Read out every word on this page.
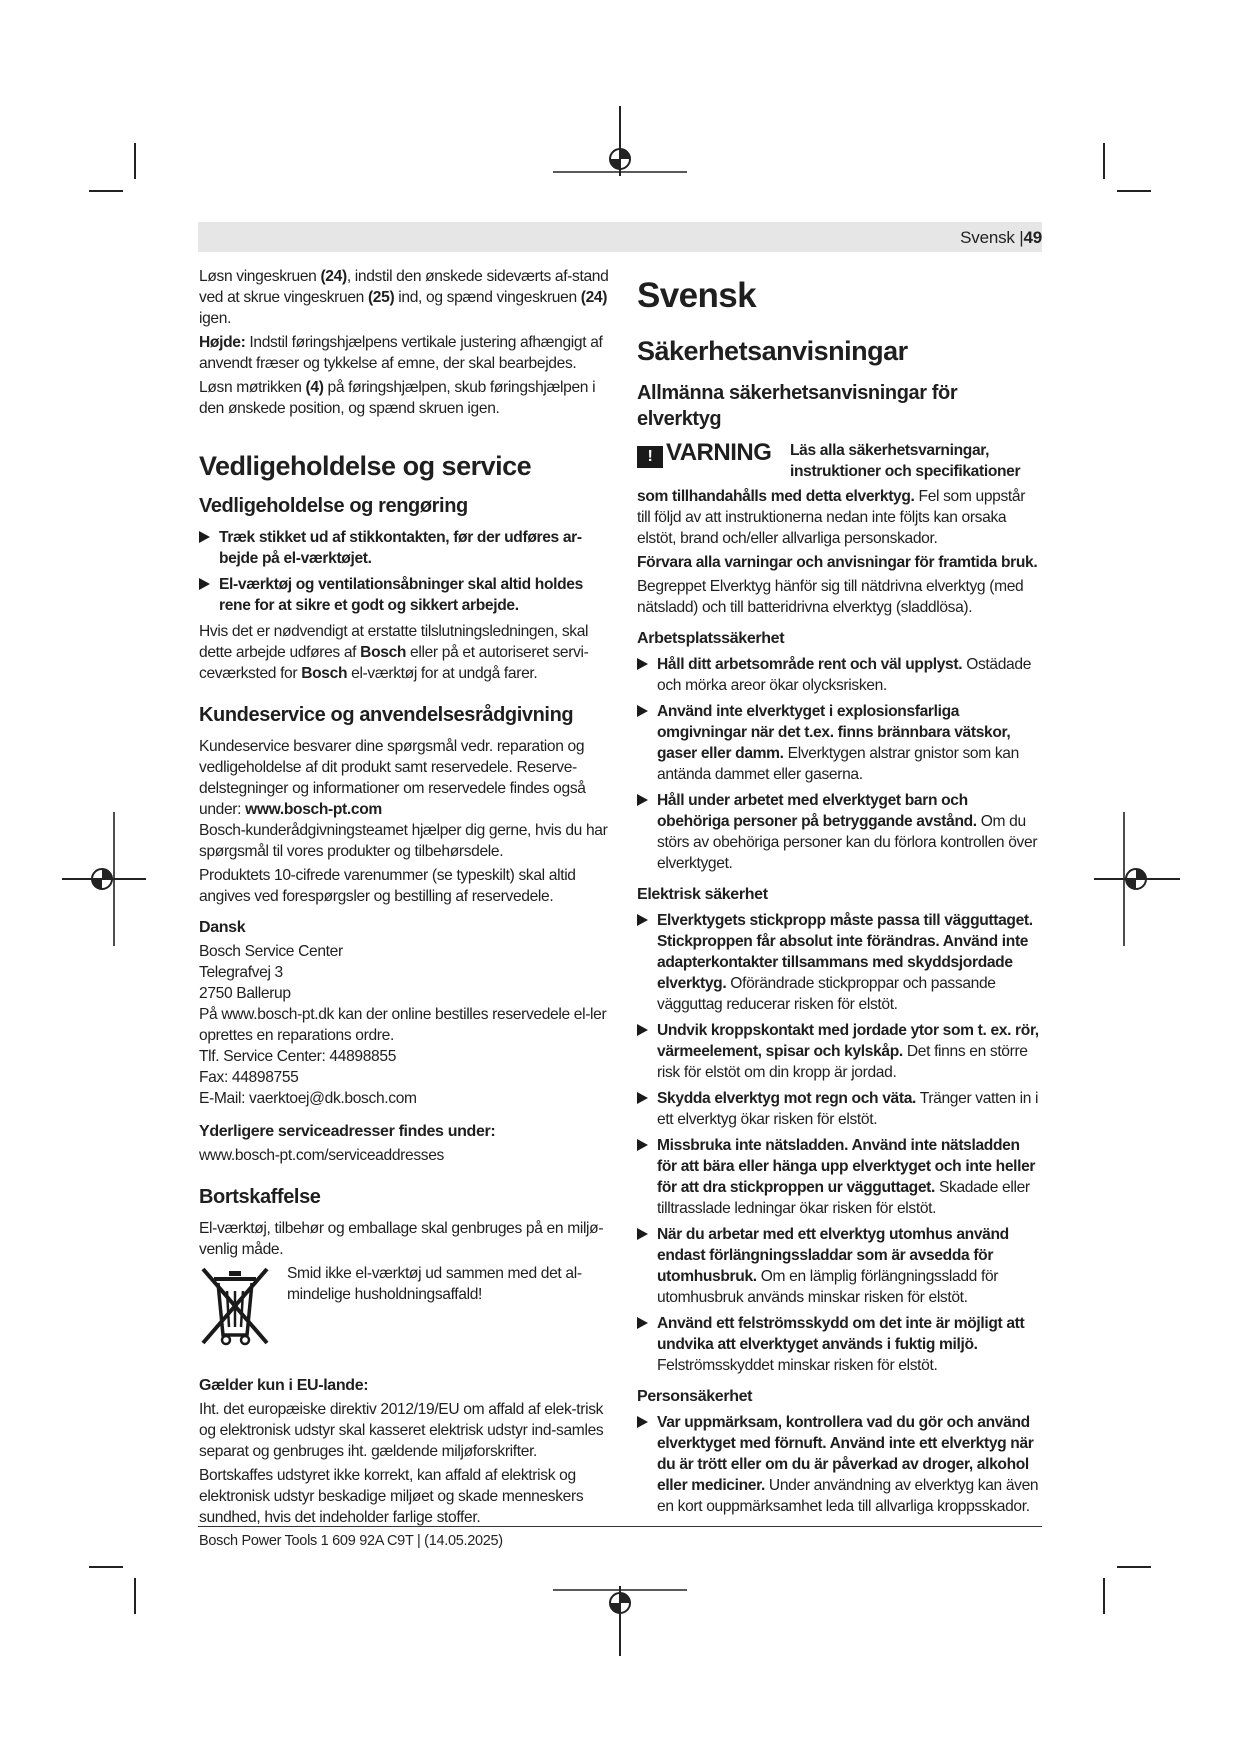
Svensk |49

Løsn vingeskruen (24), indstil den ønskede sideværts af-stand ved at skrue vingeskruen (25) ind, og spænd vingeskruen (24) igen.

Højde: Indstil føringshjælpens vertikale justering afhængigt af anvendt fræser og tykkelse af emne, der skal bearbejdes.

Løsn møtrikken (4) på føringshjælpen, skub føringshjælpen i den ønskede position, og spænd skruen igen.

Vedligeholdelse og service
Vedligeholdelse og rengøring
Træk stikket ud af stikkontakten, før der udføres ar-bejde på el-værktøjet.
El-værktøj og ventilationsåbninger skal altid holdes rene for at sikre et godt og sikkert arbejde.

Hvis det er nødvendigt at erstatte tilslutningsledningen, skal dette arbejde udføres af Bosch eller på et autoriseret servi-ceværksted for Bosch el-værktøj for at undgå farer.

Kundeservice og anvendelsesrådgivning

Kundeservice besvarer dine spørgsmål vedr. reparation og vedligeholdelse af dit produkt samt reservedele. Reserve-delstegninger og informationer om reservedele findes også under: www.bosch-pt.com

Bosch-kunderådgivningsteamet hjælper dig gerne, hvis du har spørgsmål til vores produkter og tilbehørsdele.

Produktets 10-cifrede varenummer (se typeskilt) skal altid angives ved forespørgsler og bestilling af reservedele.

Dansk
Bosch Service Center
Telegrafvej 3
2750 Ballerup
På www.bosch-pt.dk kan der online bestilles reservedele el-ler oprettes en reparations ordre.
Tlf. Service Center: 44898855
Fax: 44898755
E-Mail: vaerktoej@dk.bosch.com
Yderligere serviceadresser findes under:
www.bosch-pt.com/serviceaddresses
Bortskaffelse

El-værktøj, tilbehør og emballage skal genbruges på en miljø-venlig måde.

Smid ikke el-værktøj ud sammen med det al-mindelige husholdningsaffald!
Gælder kun i EU-lande:

Iht. det europæiske direktiv 2012/19/EU om affald af elek-trisk og elektronisk udstyr skal kasseret elektrisk udstyr ind-samles separat og genbruges iht. gældende miljøforskrifter.

Bortskaffes udstyret ikke korrekt, kan affald af elektrisk og elektronisk udstyr beskadige miljøet og skade menneskers sundhed, hvis det indeholder farlige stoffer.

Svensk
Säkerhetsanvisningar
Allmänna säkerhetsanvisningar för elverktyg
! VARNING Läs alla säkerhetsvarningar, instruktioner och specifikationer

som tillhandahålls med detta elverktyg. Fel som uppstår till följd av att instruktionerna nedan inte följts kan orsaka elstöt, brand och/eller allvarliga personskador.

Förvara alla varningar och anvisningar för framtida bruk.

Begreppet Elverktyg hänför sig till nätdrivna elverktyg (med nätsladd) och till batteridrivna elverktyg (sladdlösa).

Arbetsplatssäkerhet
Håll ditt arbetsområde rent och väl upplyst. Ostädade och mörka areor ökar olycksrisken.
Använd inte elverktyget i explosionsfarliga omgivningar när det t.ex. finns brännbara vätskor, gaser eller damm. Elverktygen alstrar gnistor som kan antända dammet eller gaserna.
Håll under arbetet med elverktyget barn och obehöriga personer på betryggande avstånd. Om du störs av obehöriga personer kan du förlora kontrollen över elverktyget.
Elektrisk säkerhet
Elverktygets stickpropp måste passa till vägguttaget. Stickproppen får absolut inte förändras. Använd inte adapterkontakter tillsammans med skyddsjordade elverktyg. Oförändrade stickproppar och passande vägguttag reducerar risken för elstöt.
Undvik kroppskontakt med jordade ytor som t. ex. rör, värmeelement, spisar och kylskåp. Det finns en större risk för elstöt om din kropp är jordad.
Skydda elverktyg mot regn och väta. Tränger vatten in i ett elverktyg ökar risken för elstöt.
Missbruka inte nätsladden. Använd inte nätsladden för att bära eller hänga upp elverktyget och inte heller för att dra stickproppen ur vägguttaget. Skadade eller tilltrasslade ledningar ökar risken för elstöt.
När du arbetar med ett elverktyg utomhus använd endast förlängningssladdar som är avsedda för utomhusbruk. Om en lämplig förlängningssladd för utomhusbruk används minskar risken för elstöt.
Använd ett felströmsskydd om det inte är möjligt att undvika att elverktyget används i fuktig miljö. Felströmsskyddet minskar risken för elstöt.
Personsäkerhet
Var uppmärksam, kontrollera vad du gör och använd elverktyget med förnuft. Använd inte ett elverktyg när du är trött eller om du är påverkad av droger, alkohol eller mediciner. Under användning av elverktyg kan även en kort ouppmärksamhet leda till allvarliga kroppsskador.
Bosch Power Tools 1 609 92A C9T | (14.05.2025)
